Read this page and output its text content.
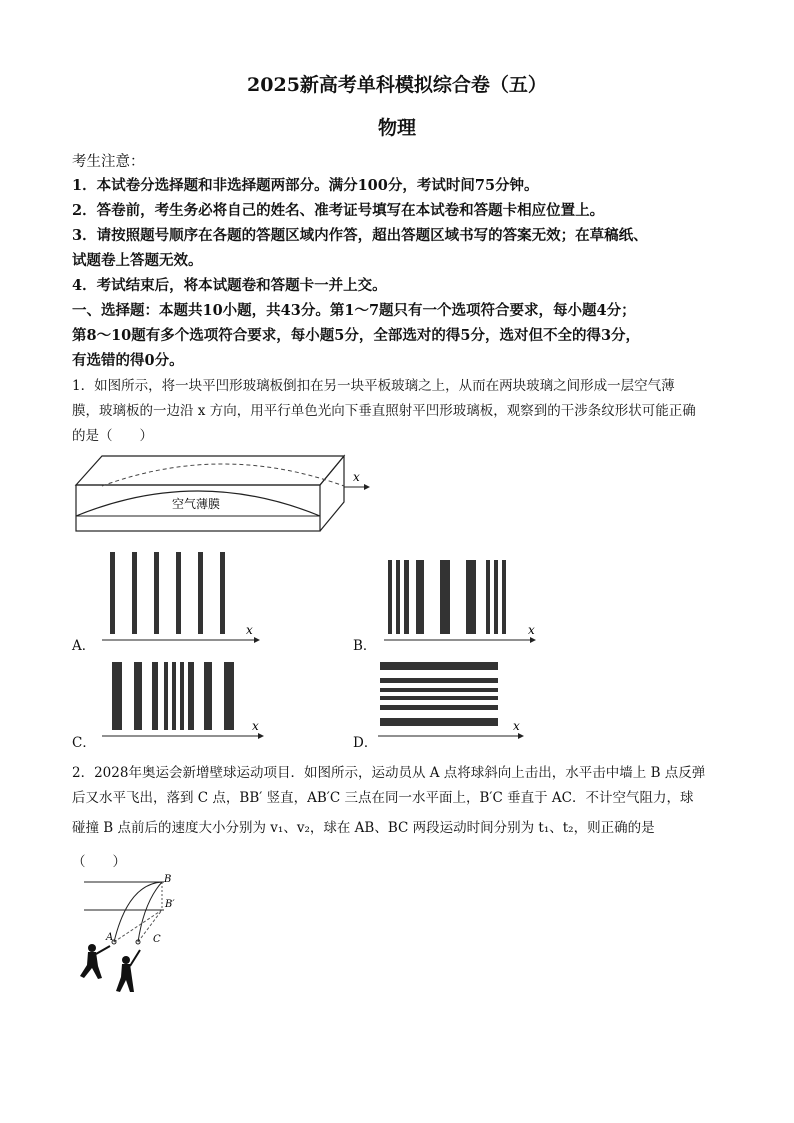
2025新高考单科模拟综合卷（五）
物理
考生注意：
1．本试卷分选择题和非选择题两部分。满分100分，考试时间75分钟。
2．答卷前，考生务必将自己的姓名、准考证号填写在本试卷和答题卡相应位置上。
3．请按照题号顺序在各题的答题区域内作答，超出答题区域书写的答案无效；在草稿纸、
试题卷上答题无效。
4．考试结束后，将本试题卷和答题卡一并上交。
一、选择题：本题共10小题，共43分。第1～7题只有一个选项符合要求，每小题4分；
第8～10题有多个选项符合要求，每小题5分，全部选对的得5分，选对但不全的得3分，
有选错的得0分。
1．如图所示，将一块平凹形玻璃板倒扣在另一块平板玻璃之上，从而在两块玻璃之间形成一层空气薄
膜，玻璃板的一边沿 x 方向，用平行单色光向下垂直照射平凹形玻璃板，观察到的干涉条纹形状可能正确
的是（　　）
x
空气薄膜
x
A．
x
B．
x
C．
x
D．
2．2028年奥运会新增壁球运动项目．如图所示，运动员从 A 点将球斜向上击出，水平击中墙上 B 点反弹
后又水平飞出，落到 C 点，BB′ 竖直，AB′C 三点在同一水平面上，B′C 垂直于 AC．不计空气阻力，球
碰撞 B 点前后的速度大小分别为 v₁、v₂，球在 AB、BC 两段运动时间分别为 t₁、t₂，则正确的是
（　　）
B
B′
A	C
